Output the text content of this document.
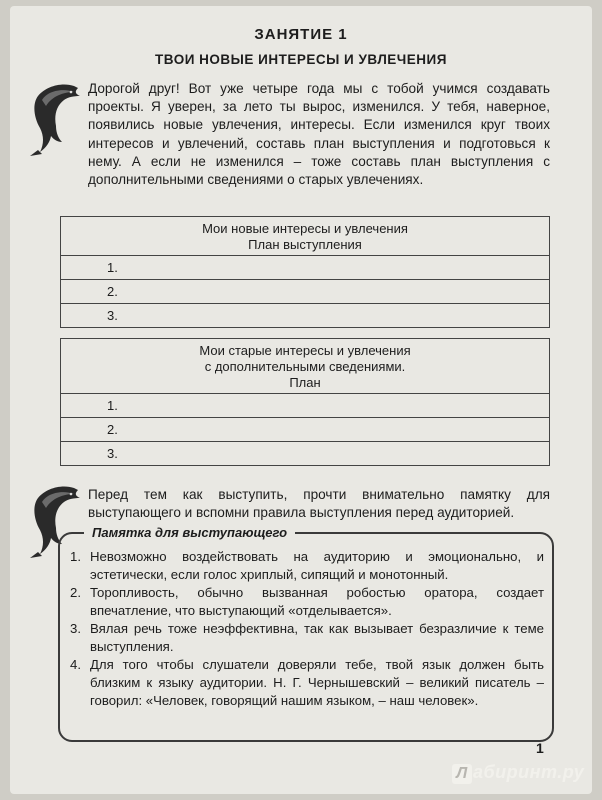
ЗАНЯТИЕ 1
ТВОИ НОВЫЕ ИНТЕРЕСЫ И УВЛЕЧЕНИЯ
Дорогой друг! Вот уже четыре года мы с тобой учимся создавать проекты. Я уверен, за лето ты вырос, изменился. У тебя, наверное, появились новые увлечения, интересы. Если изменился круг твоих интересов и увлечений, составь план выступления и подготовься к нему. А если не изменился – тоже составь план выступления с дополнительными сведениями о старых увлечениях.
Мои новые интересы и увлечения
План выступления

1.
2.
3.
Мои старые интересы и увлечения
с дополнительными сведениями.
План

1.
2.
3.
Перед тем как выступить, прочти внимательно памятку для выступающего и вспомни правила выступления перед аудиторией.
Памятка для выступающего
1. Невозможно воздействовать на аудиторию и эмоционально, и эстетически, если голос хриплый, сипящий и монотонный.
2. Торопливость, обычно вызванная робостью оратора, создает впечатление, что выступающий «отделывается».
3. Вялая речь тоже неэффективна, так как вызывает безразличие к теме выступления.
4. Для того чтобы слушатели доверяли тебе, твой язык должен быть близким к языку аудитории. Н. Г. Чернышевский – великий писатель – говорил: «Человек, говорящий нашим языком, – наш человек».
1
Л абиринт.ру
